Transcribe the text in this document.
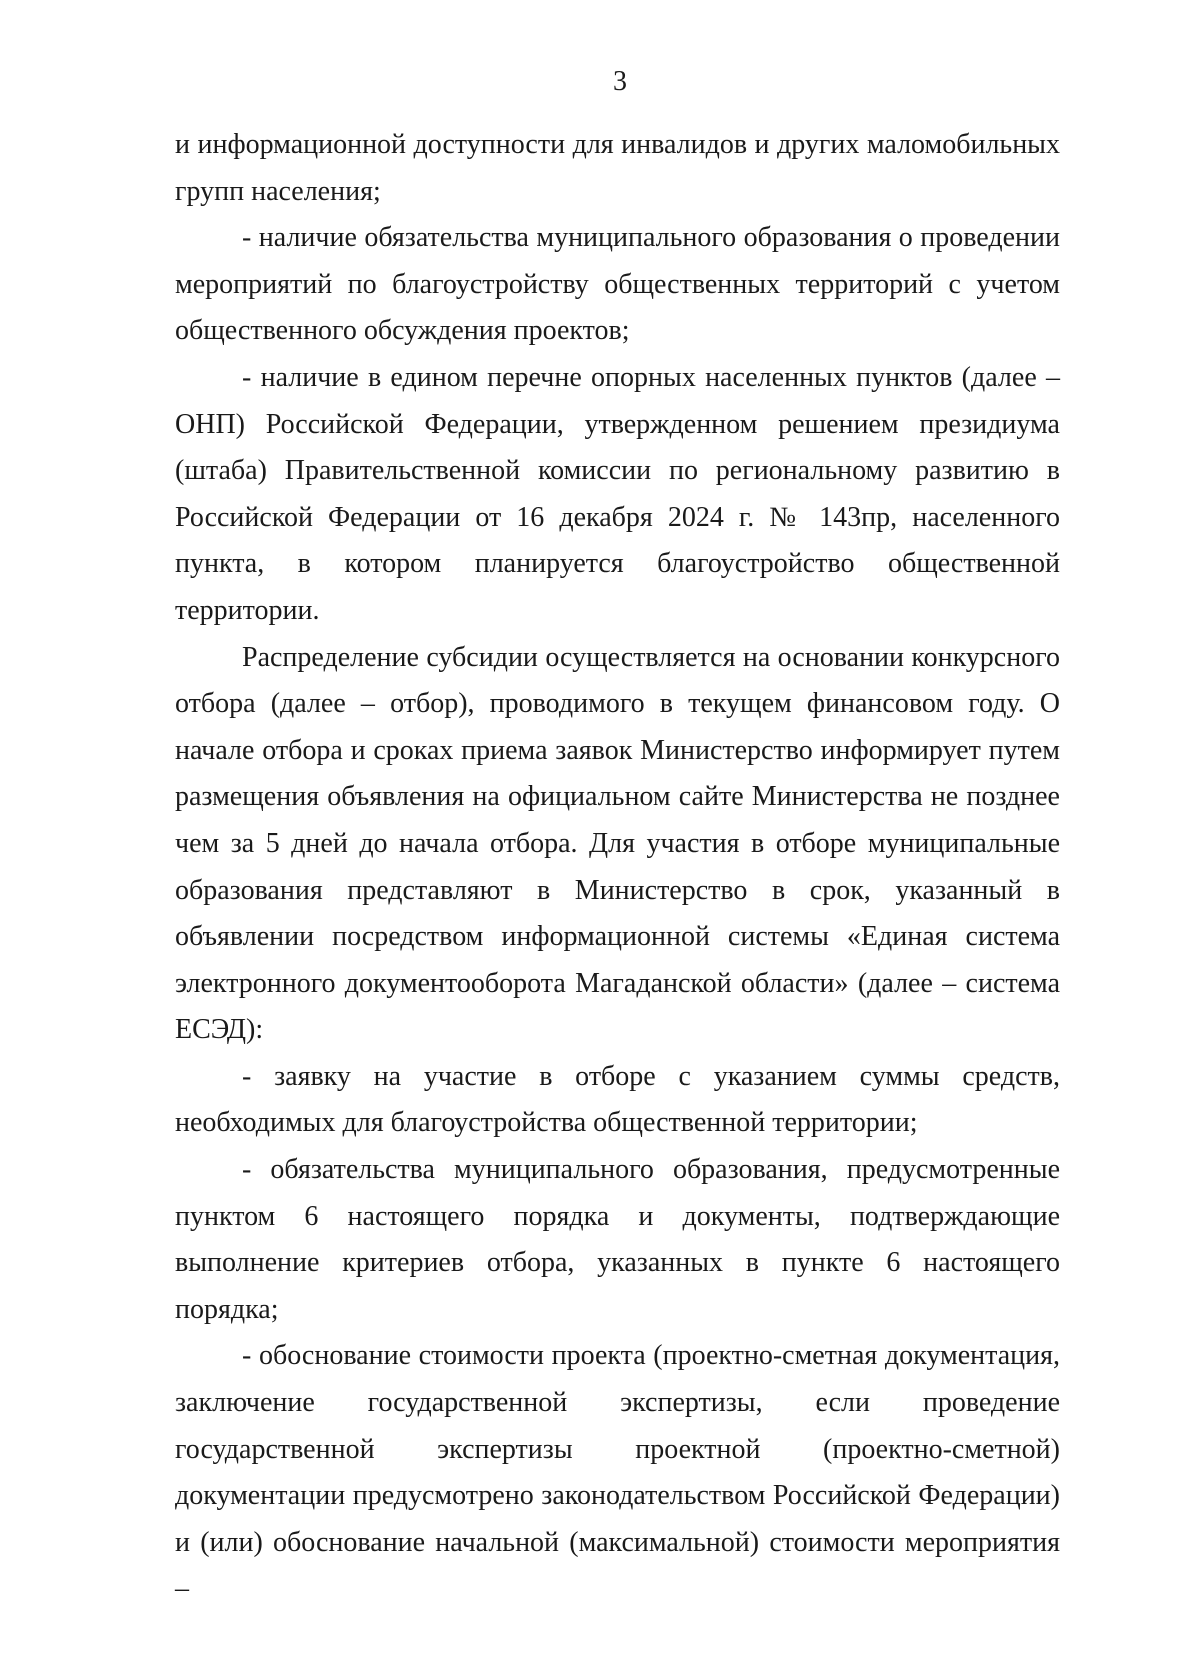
3

и информационной доступности для инвалидов и других маломобильных групп населения;

- наличие обязательства муниципального образования о проведении мероприятий по благоустройству общественных территорий с учетом общественного обсуждения проектов;

- наличие в едином перечне опорных населенных пунктов (далее – ОНП) Российской Федерации, утвержденном решением президиума (штаба) Правительственной комиссии по региональному развитию в Российской Федерации от 16 декабря 2024 г. № 143пр, населенного пункта, в котором планируется благоустройство общественной территории.

Распределение субсидии осуществляется на основании конкурсного отбора (далее – отбор), проводимого в текущем финансовом году. О начале отбора и сроках приема заявок Министерство информирует путем размещения объявления на официальном сайте Министерства не позднее чем за 5 дней до начала отбора. Для участия в отборе муниципальные образования представляют в Министерство в срок, указанный в объявлении посредством информационной системы «Единая система электронного документооборота Магаданской области» (далее – система ЕСЭД):

- заявку на участие в отборе с указанием суммы средств, необходимых для благоустройства общественной территории;

- обязательства муниципального образования, предусмотренные пунктом 6 настоящего порядка и документы, подтверждающие выполнение критериев отбора, указанных в пункте 6 настоящего порядка;

- обоснование стоимости проекта (проектно-сметная документация, заключение государственной экспертизы, если проведение государственной экспертизы проектной (проектно-сметной) документации предусмотрено законодательством Российской Федерации) и (или) обоснование начальной (максимальной) стоимости мероприятия –
